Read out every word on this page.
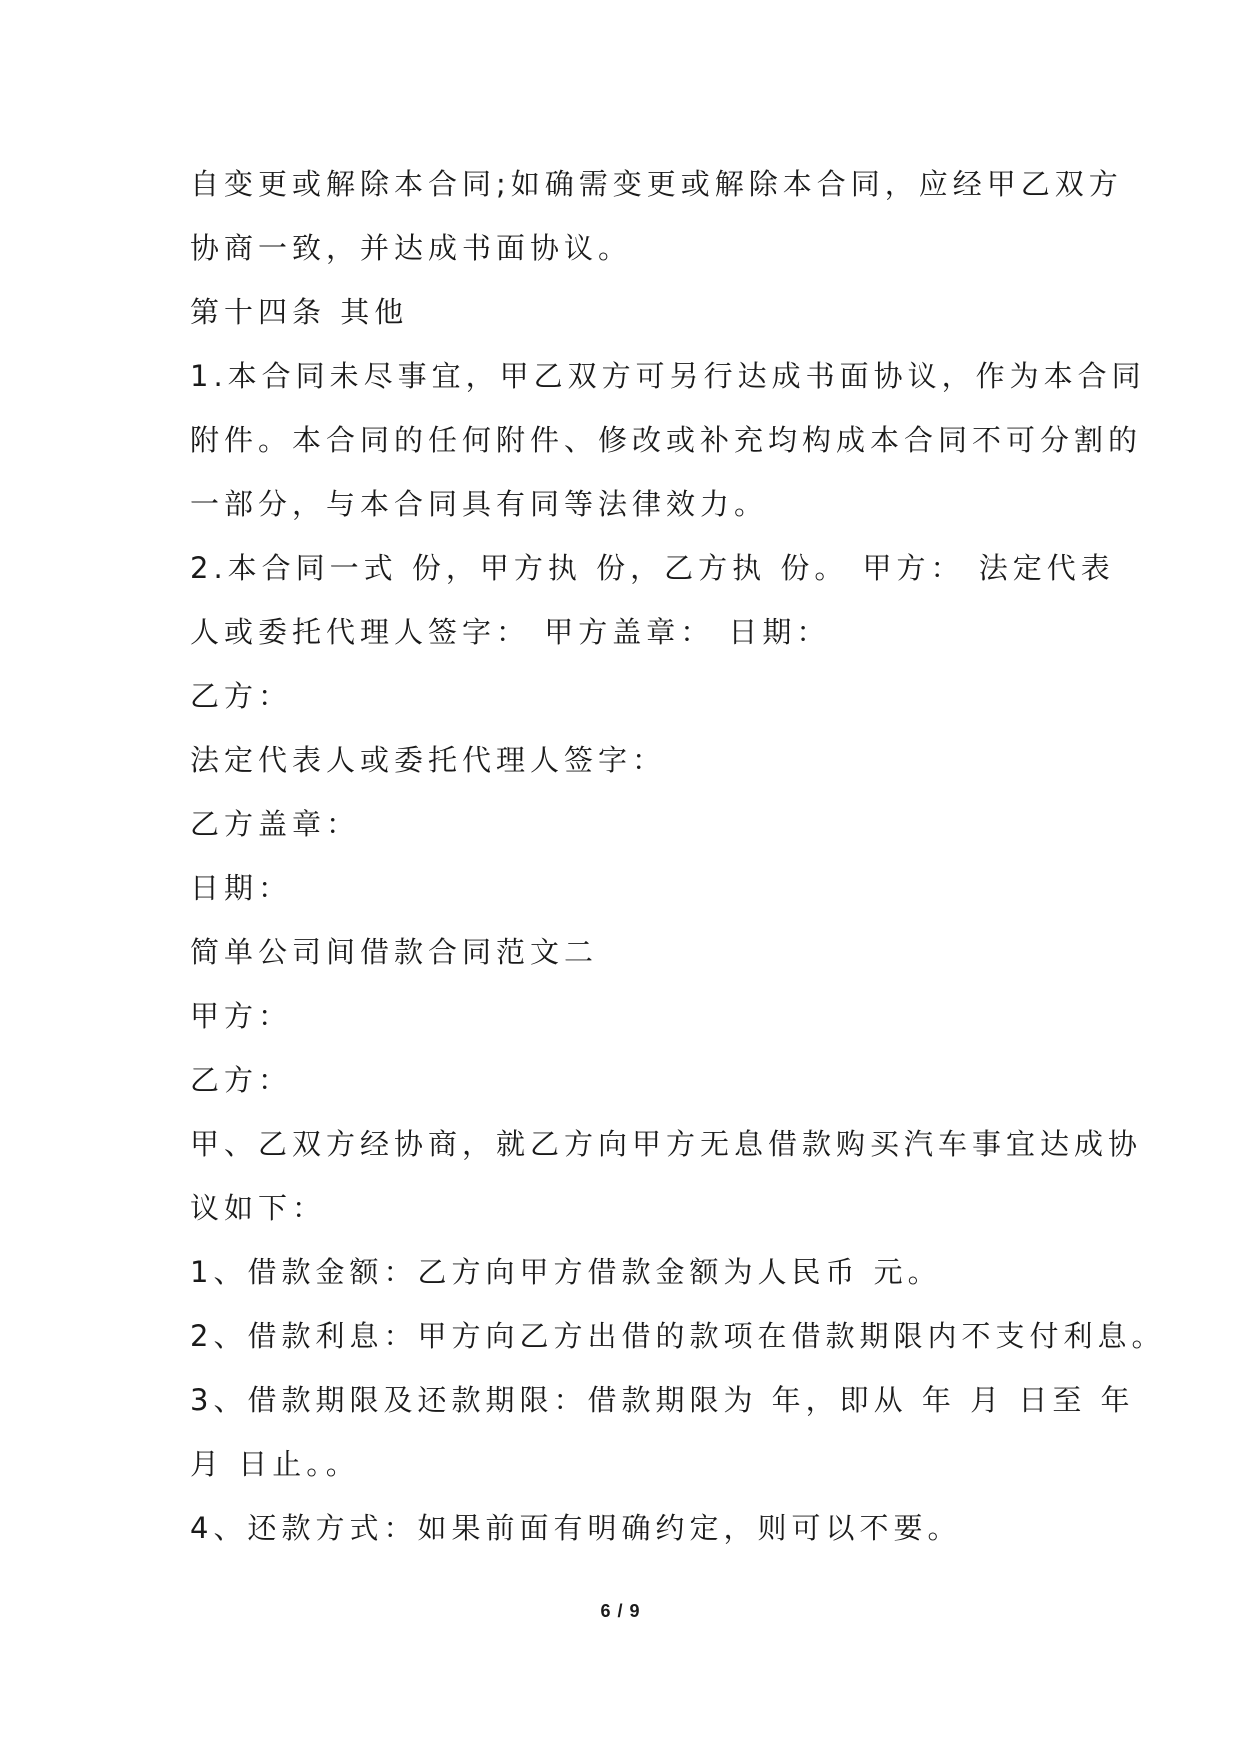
自变更或解除本合同;如确需变更或解除本合同，应经甲乙双方
协商一致，并达成书面协议。
第十四条 其他
1.本合同未尽事宜，甲乙双方可另行达成书面协议，作为本合同
附件。本合同的任何附件、修改或补充均构成本合同不可分割的
一部分，与本合同具有同等法律效力。
2.本合同一式 份，甲方执 份，乙方执 份。 甲方： 法定代表
人或委托代理人签字： 甲方盖章： 日期：
乙方：
法定代表人或委托代理人签字：
乙方盖章：
日期：
简单公司间借款合同范文二
甲方：
乙方：
甲、乙双方经协商，就乙方向甲方无息借款购买汽车事宜达成协
议如下：
1、借款金额：乙方向甲方借款金额为人民币 元。
2、借款利息：甲方向乙方出借的款项在借款期限内不支付利息。
3、借款期限及还款期限：借款期限为 年，即从 年 月 日至 年
月 日止。。
4、还款方式：如果前面有明确约定，则可以不要。
6 / 9
